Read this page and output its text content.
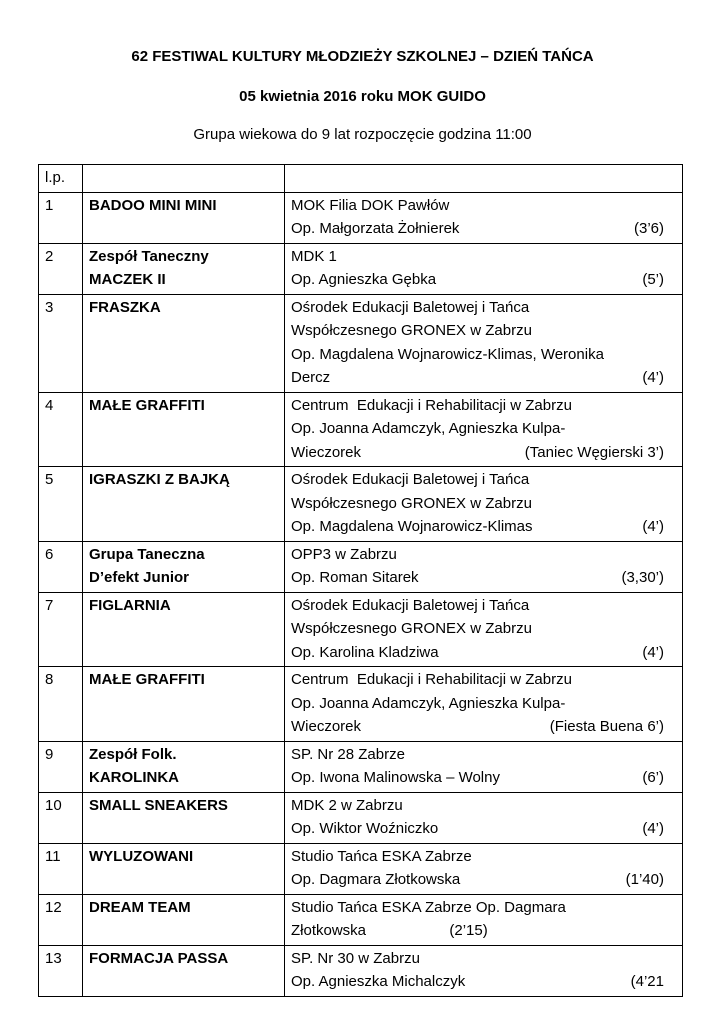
62 FESTIWAL KULTURY MŁODZIEŻY SZKOLNEJ – DZIEŃ TAŃCA
05 kwietnia 2016 roku MOK GUIDO
Grupa wiekowa do 9 lat rozpoczęcie godzina 11:00
l.p.		
1	BADOO MINI MINI	MOK Filia DOK Pawłów
Op. Małgorzata Żołnierek (3’6)

2	Zespół Taneczny
MACZEK II	MDK 1
Op. Agnieszka Gębka (5’)

3	FRASZKA	Ośrodek Edukacji Baletowej i Tańca
Współczesnego GRONEX w Zabrzu
Op. Magdalena Wojnarowicz-Klimas, Weronika
Dercz (4’)

4	MAŁE GRAFFITI	Centrum  Edukacji i Rehabilitacji w Zabrzu
Op. Joanna Adamczyk, Agnieszka Kulpa-
Wieczorek (Taniec Węgierski 3’)

5	IGRASZKI Z BAJKĄ	Ośrodek Edukacji Baletowej i Tańca
Współczesnego GRONEX w Zabrzu
Op. Magdalena Wojnarowicz-Klimas (4’)

6	Grupa Taneczna
D’efekt Junior	OPP3 w Zabrzu
Op. Roman Sitarek (3,30’)

7	FIGLARNIA	Ośrodek Edukacji Baletowej i Tańca
Współczesnego GRONEX w Zabrzu
Op. Karolina Kladziwa (4’)

8	MAŁE GRAFFITI	Centrum  Edukacji i Rehabilitacji w Zabrzu
Op. Joanna Adamczyk, Agnieszka Kulpa-
Wieczorek (Fiesta Buena 6’)

9	Zespół Folk.
KAROLINKA	SP. Nr 28 Zabrze
Op. Iwona Malinowska – Wolny (6’)

10	SMALL SNEAKERS	MDK 2 w Zabrzu
Op. Wiktor Woźniczko (4’)

11	WYLUZOWANI	Studio Tańca ESKA Zabrze
Op. Dagmara Złotkowska (1’40)

12	DREAM TEAM	Studio Tańca ESKA Zabrze Op. Dagmara
Złotkowska                    (2’15)

13	FORMACJA PASSA	SP. Nr 30 w Zabrzu
Op. Agnieszka Michalczyk (4’21
